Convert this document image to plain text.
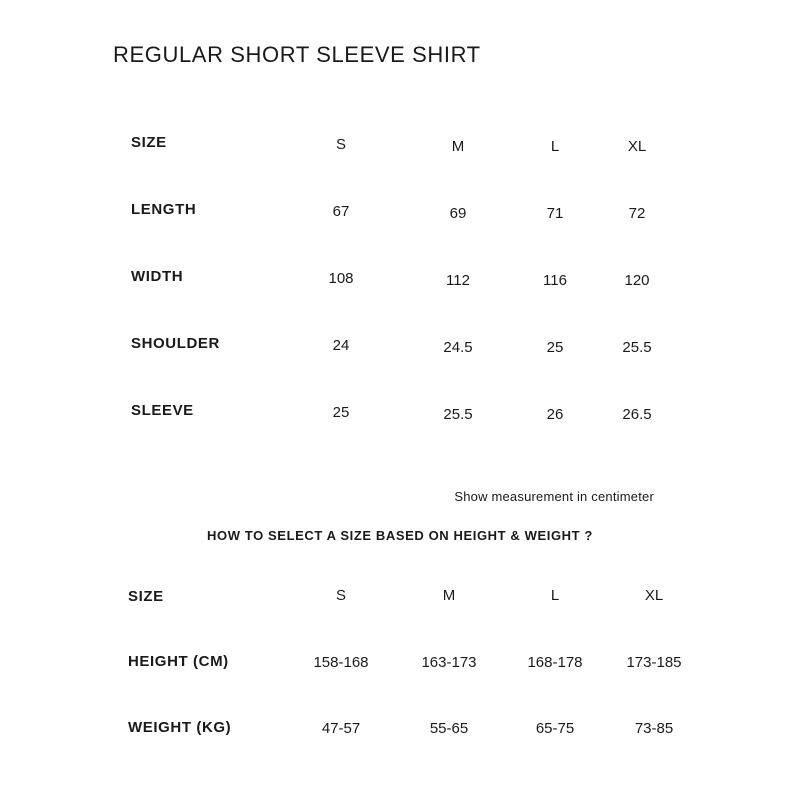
REGULAR SHORT SLEEVE SHIRT
SIZE	S	M	L	XL
LENGTH	67	69	71	72
WIDTH	108	112	116	120
SHOULDER	24	24.5	25	25.5
SLEEVE	25	25.5	26	26.5
Show measurement in centimeter
HOW TO SELECT A SIZE BASED ON HEIGHT & WEIGHT ?
SIZE	S	M	L	XL
HEIGHT (CM)	158-168	163-173	168-178	173-185
WEIGHT (KG)	47-57	55-65	65-75	73-85
